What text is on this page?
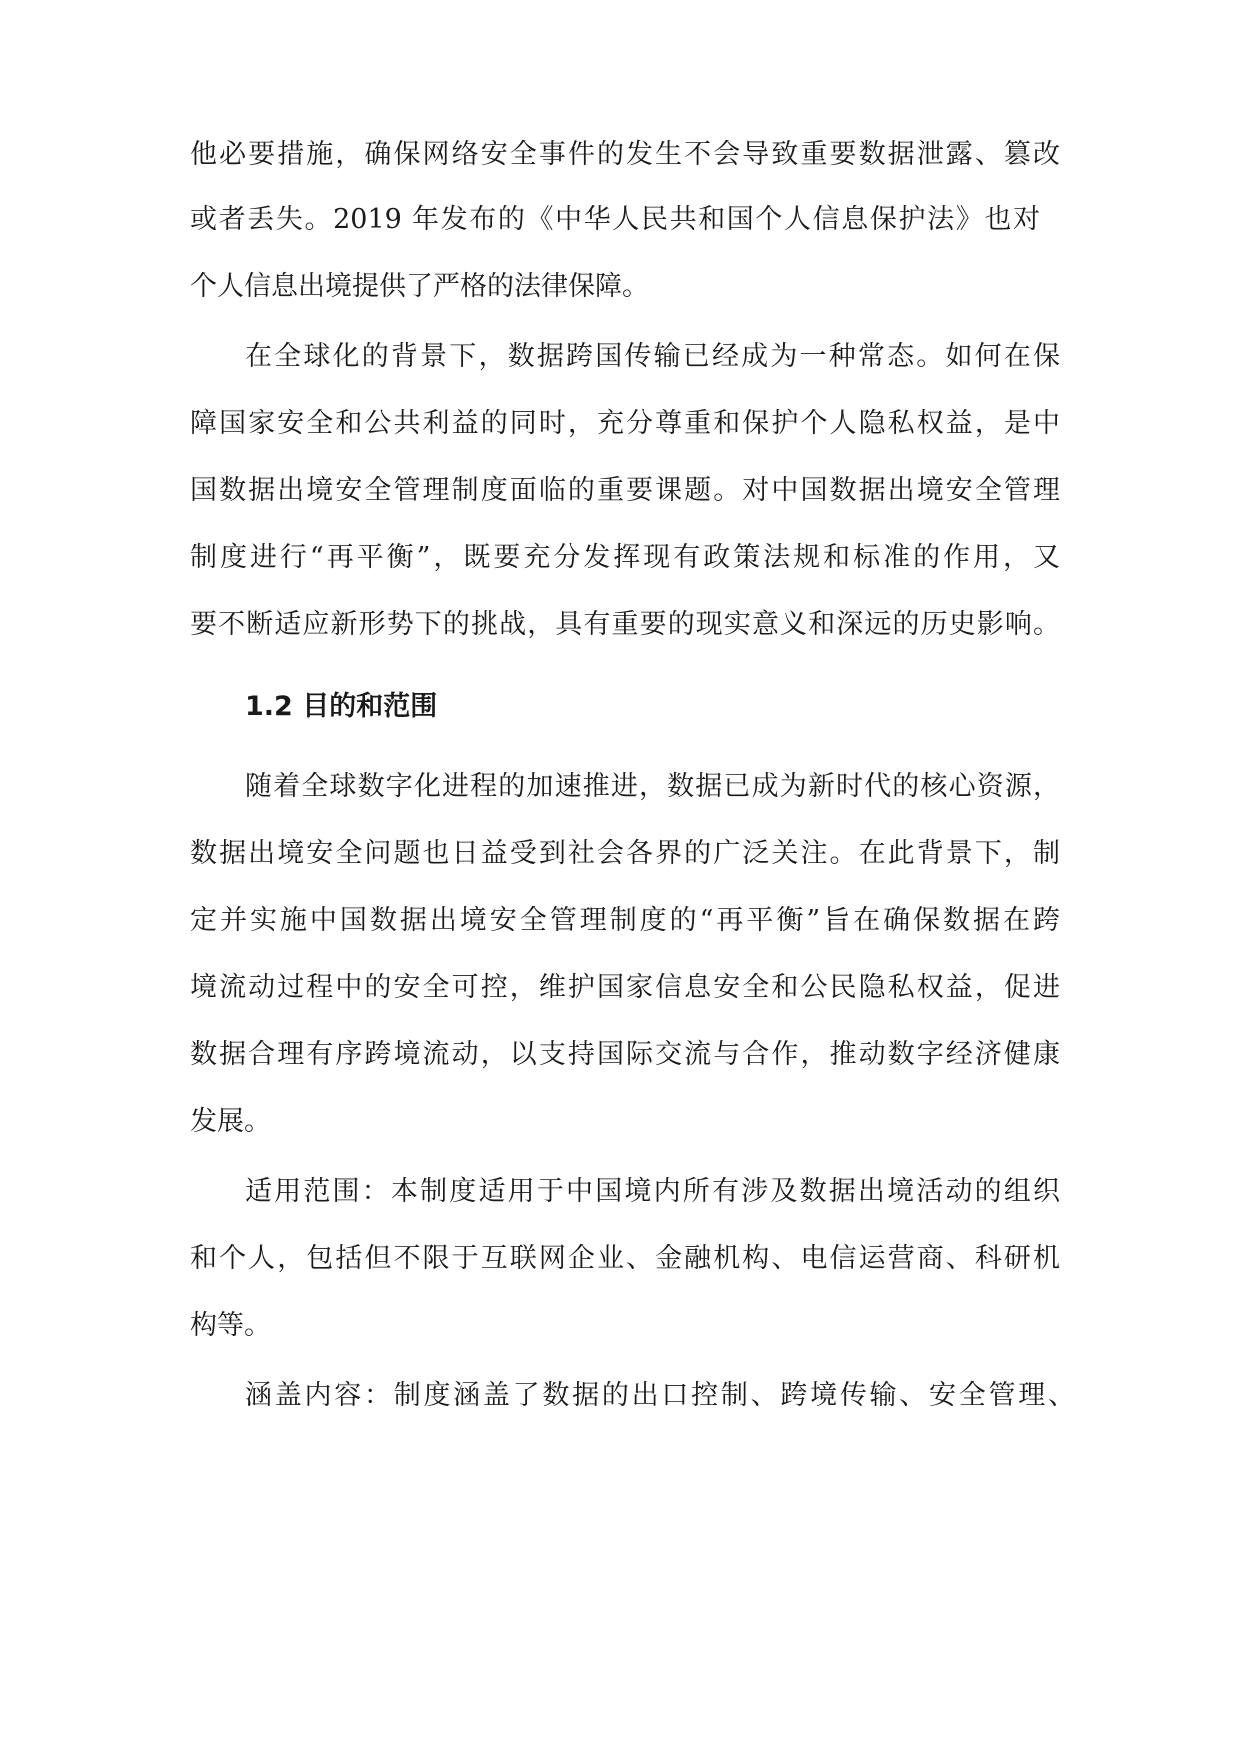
他必要措施，确保网络安全事件的发生不会导致重要数据泄露、篡改
或者丢失。2019 年发布的《中华人民共和国个人信息保护法》也对
个人信息出境提供了严格的法律保障。
在全球化的背景下，数据跨国传输已经成为一种常态。如何在保
障国家安全和公共利益的同时，充分尊重和保护个人隐私权益，是中
国数据出境安全管理制度面临的重要课题。对中国数据出境安全管理
制度进行“再平衡”，既要充分发挥现有政策法规和标准的作用，又
要不断适应新形势下的挑战，具有重要的现实意义和深远的历史影响。
1.2 目的和范围
随着全球数字化进程的加速推进，数据已成为新时代的核心资源，
数据出境安全问题也日益受到社会各界的广泛关注。在此背景下，制
定并实施中国数据出境安全管理制度的“再平衡”旨在确保数据在跨
境流动过程中的安全可控，维护国家信息安全和公民隐私权益，促进
数据合理有序跨境流动，以支持国际交流与合作，推动数字经济健康
发展。
适用范围：本制度适用于中国境内所有涉及数据出境活动的组织
和个人，包括但不限于互联网企业、金融机构、电信运营商、科研机
构等。
涵盖内容：制度涵盖了数据的出口控制、跨境传输、安全管理、
